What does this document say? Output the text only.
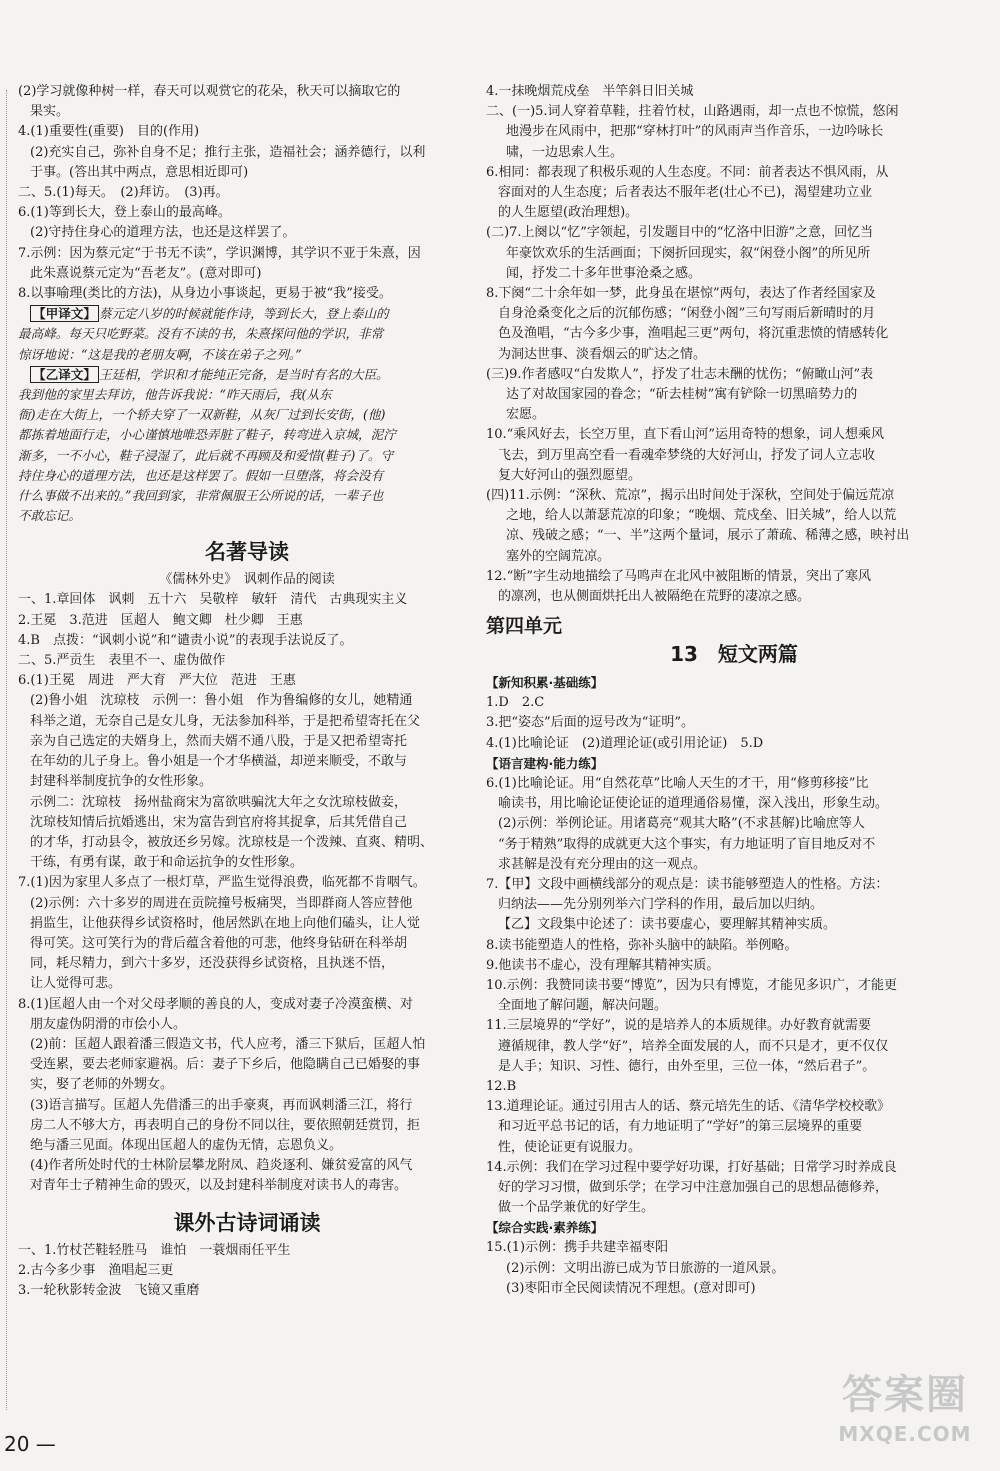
(2)学习就像种树一样，春天可以观赏它的花朵，秋天可以摘取它的
果实。
4.(1)重要性(重要)　目的(作用)
(2)充实自己，弥补自身不足；推行主张，造福社会；涵养德行，以利
于事。(答出其中两点，意思相近即可)
二、5.(1)每天。　(2)拜访。　(3)再。
6.(1)等到长大，登上泰山的最高峰。
(2)守持住身心的道理方法，也还是这样罢了。
7.示例：因为蔡元定“于书无不读”，学识渊博，其学识不亚于朱熹，因
此朱熹说蔡元定为“吾老友”。(意对即可)
8.以事喻理(类比的方法)，从身边小事谈起，更易于被“我”接受。
【甲译文】 蔡元定八岁的时候就能作诗，等到长大，登上泰山的
最高峰。每天只吃野菜。没有不读的书，朱熹探问他的学识，非常
惊讶地说：“这是我的老朋友啊，不该在弟子之列。”
【乙译文】 王廷相，学识和才能纯正完备，是当时有名的大臣。
我到他的家里去拜访，他告诉我说：“昨天雨后，我(从东
衙)走在大街上，一个轿夫穿了一双新鞋，从灰厂过到长安街，(他)
都拣着地面行走，小心谨慎地唯恐弄脏了鞋子，转弯进入京城，泥泞
渐多，一不小心，鞋子浸湿了，此后就不再顾及和爱惜(鞋子)了。守
持住身心的道理方法，也还是这样罢了。假如一旦堕落，将会没有
什么事做不出来的。”我回到家，非常佩服王公所说的话，一辈子也
不敢忘记。
名著导读
《儒林外史》　讽刺作品的阅读
一、1.章回体　讽刺　五十六　吴敬梓　敏轩　清代　古典现实主义
2.王冕　3.范进　匡超人　鲍文卿　杜少卿　王惠
4.B　点拨：“讽刺小说”和“谴责小说”的表现手法说反了。
二、5.严贡生　表里不一、虚伪做作
6.(1)王冕　周进　严大育　严大位　范进　王惠
(2)鲁小姐　沈琼枝　示例一：鲁小姐　作为鲁编修的女儿，她精通
科举之道，无奈自己是女儿身，无法参加科举，于是把希望寄托在父
亲为自己选定的夫婿身上，然而夫婿不通八股，于是又把希望寄托
在年幼的儿子身上。鲁小姐是一个才华横溢，却逆来顺受，不敢与
封建科举制度抗争的女性形象。
示例二：沈琼枝　扬州盐商宋为富欲哄骗沈大年之女沈琼枝做妾，
沈琼枝知情后抗婚逃出，宋为富告到官府将其捉拿，后其凭借自己
的才华，打动县令，被放还乡另嫁。沈琼枝是一个泼辣、直爽、精明、
干练，有勇有谋，敢于和命运抗争的女性形象。
7.(1)因为家里人多点了一根灯草，严监生觉得浪费，临死都不肯咽气。
(2)示例：六十多岁的周进在贡院撞号板痛哭，当即群商人答应替他
捐监生，让他获得乡试资格时，他居然趴在地上向他们磕头，让人觉
得可笑。这可笑行为的背后蕴含着他的可悲，他终身钻研在科举胡
同，耗尽精力，到六十多岁，还没获得乡试资格，且执迷不悟，
让人觉得可悲。
8.(1)匡超人由一个对父母孝顺的善良的人，变成对妻子冷漠蛮横、对
朋友虚伪阴滑的市侩小人。
(2)前：匡超人跟着潘三假造文书，代人应考，潘三下狱后，匡超人怕
受连累，要去老师家避祸。后：妻子下乡后，他隐瞒自己已婚娶的事
实，娶了老师的外甥女。
(3)语言描写。匡超人先借潘三的出手豪爽，再而讽刺潘三江，将行
房二人不够大方，再表明自己的身份不同以往，要依照朝廷赏罚，拒
绝与潘三见面。体现出匡超人的虚伪无情，忘恩负义。
(4)作者所处时代的士林阶层攀龙附凤、趋炎逐利、嫌贫爱富的风气
对青年士子精神生命的毁灭，以及封建科举制度对读书人的毒害。
课外古诗词诵读
一、1.竹杖芒鞋轻胜马　谁怕　一蓑烟雨任平生
2.古今多少事　渔唱起三更
3.一轮秋影转金波　飞镜又重磨
4.一抹晚烟荒戍垒　半竿斜日旧关城
二、(一)5.词人穿着草鞋，拄着竹杖，山路遇雨，却一点也不惊慌，悠闲
地漫步在风雨中，把那“穿林打叶”的风雨声当作音乐，一边吟咏长
啸，一边思索人生。
6.相同：都表现了积极乐观的人生态度。不同：前者表达不惧风雨，从
容面对的人生态度；后者表达不服年老(壮心不已)，渴望建功立业
的人生愿望(政治理想)。
(二)7.上阕以“忆”字领起，引发题目中的“忆洛中旧游”之意，回忆当
年豪饮欢乐的生活画面；下阕折回现实，叙“闲登小阁”的所见所
闻，抒发二十多年世事沧桑之感。
8.下阕“二十余年如一梦，此身虽在堪惊”两句，表达了作者经国家及
自身沧桑变化之后的沉郁伤感；“闲登小阁”三句写雨后新晴时的月
色及渔唱，“古今多少事，渔唱起三更”两句，将沉重悲愤的情感转化
为洞达世事、淡看烟云的旷达之情。
(三)9.作者感叹“白发欺人”，抒发了壮志未酬的忧伤；“俯瞰山河”表
达了对故国家园的眷念；“斫去桂树”寓有铲除一切黑暗势力的
宏愿。
10.“乘风好去，长空万里，直下看山河”运用奇特的想象，词人想乘风
飞去，到万里高空看一看魂牵梦绕的大好河山，抒发了词人立志收
复大好河山的强烈愿望。
(四)11.示例：“深秋、荒凉”，揭示出时间处于深秋，空间处于偏远荒凉
之地，给人以萧瑟荒凉的印象；“晚烟、荒戍垒、旧关城”，给人以荒
凉、残破之感；“一、半”这两个量词，展示了萧疏、稀薄之感，映衬出
塞外的空阔荒凉。
12.“断”字生动地描绘了马鸣声在北风中被阻断的情景，突出了寒风
的凛冽，也从侧面烘托出人被隔绝在荒野的凄凉之感。
第四单元
13　短文两篇
【新知积累·基础练】
1.D　2.C
3.把“姿态”后面的逗号改为“证明”。
4.(1)比喻论证　(2)道理论证(或引用论证)　5.D
【语言建构·能力练】
6.(1)比喻论证。用“自然花草”比喻人天生的才干，用“修剪移接”比
喻读书，用比喻论证使论证的道理通俗易懂，深入浅出，形象生动。
(2)示例：举例论证。用诸葛亮“观其大略”(不求甚解)比喻庶等人
“务于精熟”取得的成就更大这个事实，有力地证明了盲目地反对不
求甚解是没有充分理由的这一观点。
7.【甲】文段中画横线部分的观点是：读书能够塑造人的性格。方法：
归纳法——先分别列举六门学科的作用，最后加以归纳。
【乙】文段集中论述了：读书要虚心，要理解其精神实质。
8.读书能塑造人的性格，弥补头脑中的缺陷。举例略。
9.他读书不虚心，没有理解其精神实质。
10.示例：我赞同读书要“博览”，因为只有博览，才能见多识广，才能更
全面地了解问题，解决问题。
11.三层境界的“学好”，说的是培养人的本质规律。办好教育就需要
遵循规律，教人学“好”，培养全面发展的人，而不只是才，更不仅仅
是人手；知识、习性、德行，由外至里，三位一体，“然后君子”。
12.B
13.道理论证。通过引用古人的话、蔡元培先生的话、《清华学校校歌》
和习近平总书记的话，有力地证明了“学好”的第三层境界的重要
性，使论证更有说服力。
14.示例：我们在学习过程中要学好功课，打好基础；日常学习时养成良
好的学习习惯，做到乐学；在学习中注意加强自己的思想品德修养，
做一个品学兼优的好学生。
【综合实践·素养练】
15.(1)示例：携手共建幸福枣阳
(2)示例：文明出游已成为节日旅游的一道风景。
(3)枣阳市全民阅读情况不理想。(意对即可)
20 —
答案圈
MXQE.COM
